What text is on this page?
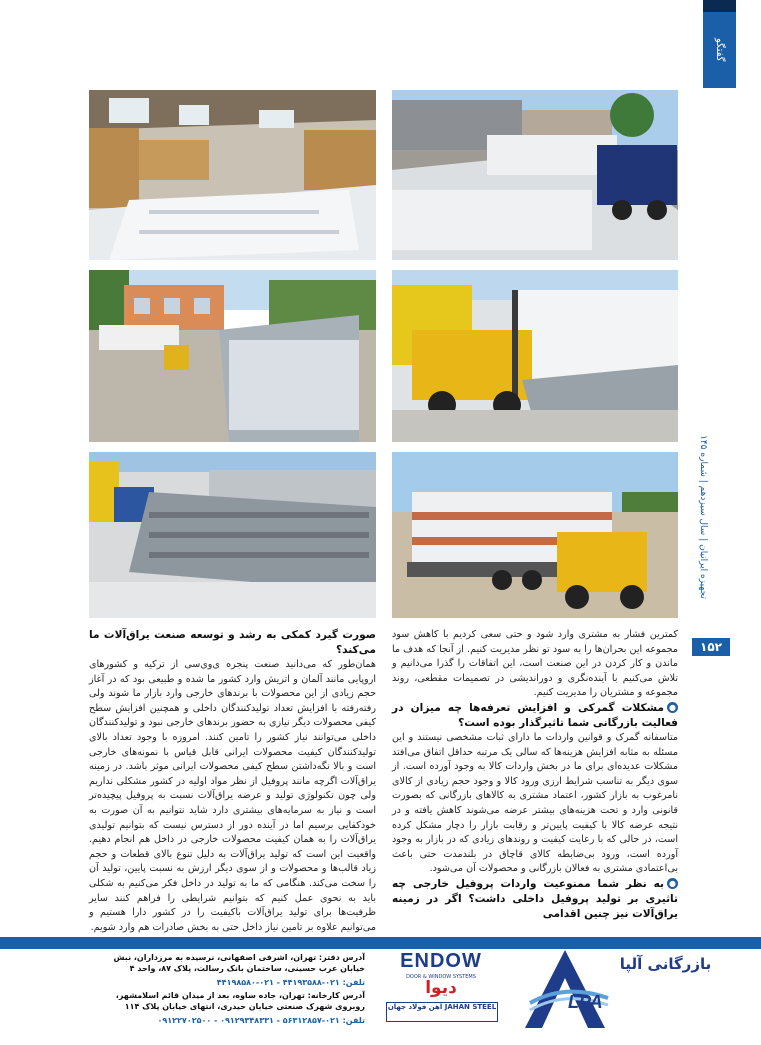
گفتگو
تجهیزه ایرانیان | سال سیزدهم | شماره ۱۴۵
۱۵۲

کمترین فشار به مشتری وارد شود و حتی سعی کردیم با کاهش سود مجموعه این بحران‌ها را به سود تو نظر مدیریت کنیم. از آنجا که هدف ما ماندن و کار کردن در این صنعت است، این اتفاقات را گذرا می‌دانیم و تلاش می‌کنیم با آینده‌نگری و دوراندیشی در تصمیمات مقطعی، روند مجموعه و مشتریان را مدیریت کنیم.

●مشکلات گمرکی و افزایش تعرفه‌ها چه میزان در فعالیت بازرگانی شما تاثیرگذار بوده است؟

متاسفانه گمرک و قوانین واردات ما دارای ثبات مشخصی نیستند و این مسئله به مثابه افزایش هزینه‌ها که سالی یک مرتبه حداقل اتفاق می‌افتد مشکلات عدیده‌ای برای ما در بخش واردات کالا به وجود آورده است. از سوی دیگر به تناسب شرایط ارزی ورود کالا و وجود حجم زیادی از کالای نامرغوب به بازار کشور، اعتماد مشتری به کالاهای بازرگانی که بصورت قانونی وارد و تحت هزینه‌های بیشتر عرضه می‌شوند کاهش یافته و در نتیجه عرضه کالا با کیفیت پایین‌تر و رقابت بازار را دچار مشکل کرده است، در حالی که با رعایت کیفیت و روندهای زیادی که در بازار به وجود آورده است، ورود بی‌ضابطه کالای قاچاق در بلندمدت حتی باعث بی‌اعتمادی مشتری به فعالان بازرگانی و محصولات آن می‌شود.

●به نظر شما ممنوعیت واردات پروفیل خارجی چه تاثیری بر تولید پروفیل داخلی داشت؟ اگر در زمینه یراق‌آلات نیز چنین اقدامی
صورت گیرد کمکی به رشد و توسعه صنعت یراق‌آلات ما می‌کند؟

همان‌طور که می‌دانید صنعت پنجره ی‌وی‌سی از ترکیه و کشورهای اروپایی مانند آلمان و اتریش وارد کشور ما شده و طبیعی بود که در آغاز حجم زیادی از این محصولات با برندهای خارجی وارد بازار ما شوند ولی رفته‌رفته با افزایش تعداد تولیدکنندگان داخلی و همچنین افزایش سطح کیفی محصولات دیگر نیازی به حضور برندهای خارجی نبود و تولیدکنندگان داخلی می‌توانند نیاز کشور را تامین کنند. امروزه با وجود تعداد بالای تولیدکنندگان کیفیت محصولات ایرانی قابل قیاس با نمونه‌های خارجی است و بالا نگه‌داشتن سطح کیفی محصولات ایرانی موثر باشد. در زمینه یراق‌آلات اگرچه مانند پروفیل از نظر مواد اولیه در کشور مشکلی نداریم ولی چون تکنولوژی تولید و عرضه یراق‌آلات نسبت به پروفیل پیچیده‌تر است و نیاز به سرمایه‌های بیشتری دارد شاید نتوانیم به آن صورت به خودکفایی برسیم اما در آینده دور از دسترس نیست که بتوانیم تولیدی یراق‌آلات را به همان کیفیت محصولات خارجی در داخل هم انجام دهیم. واقعیت این است که تولید یراق‌آلات به دلیل تنوع بالای قطعات و حجم زیاد قالب‌ها و محصولات و از سوی دیگر ارزش به نسبت پایین، تولید آن را سخت می‌کند. هنگامی که ما به تولید در داخل فکر می‌کنیم به شکلی باید به نحوی عمل کنیم که بتوانیم شرایطی را فراهم کنند سایر ظرفیت‌ها برای تولید یراق‌آلات باکیفیت را در کشور دارا هستیم و می‌توانیم علاوه بر تامین نیاز داخل حتی به بخش صادرات هم وارد شویم.

آدرس دفتر: تهران، اشرفی اصفهانی، نرسیده به مرزداران، نبش خیابان عرب حسینی، ساختمان بانک رسالت، پلاک ۸۷، واحد ۴
تلفن: ۰۲۱-۴۴۱۹۳۵۸۸ - ۰۲۱-۴۴۱۹۸۵۸۰
آدرس کارخانه: تهران، جاده ساوه، بعد از میدان قائم اسلامشهر، روبروی شهرک صنعتی خیابان حیدری، انتهای خیابان پلاک ۱۱۴
تلفن: ۰۲۱-۵۶۳۱۲۸۵۷ - ۰۹۱۲۹۳۴۸۳۳۱ - ۰۹۱۲۲۷۰۲۵۰۰
ENDOW
DOOR & WINDOW SYSTEMS
دیوا
آهن فولاد جهان JAHAN STEEL
بازرگانی آلپا
LPA
